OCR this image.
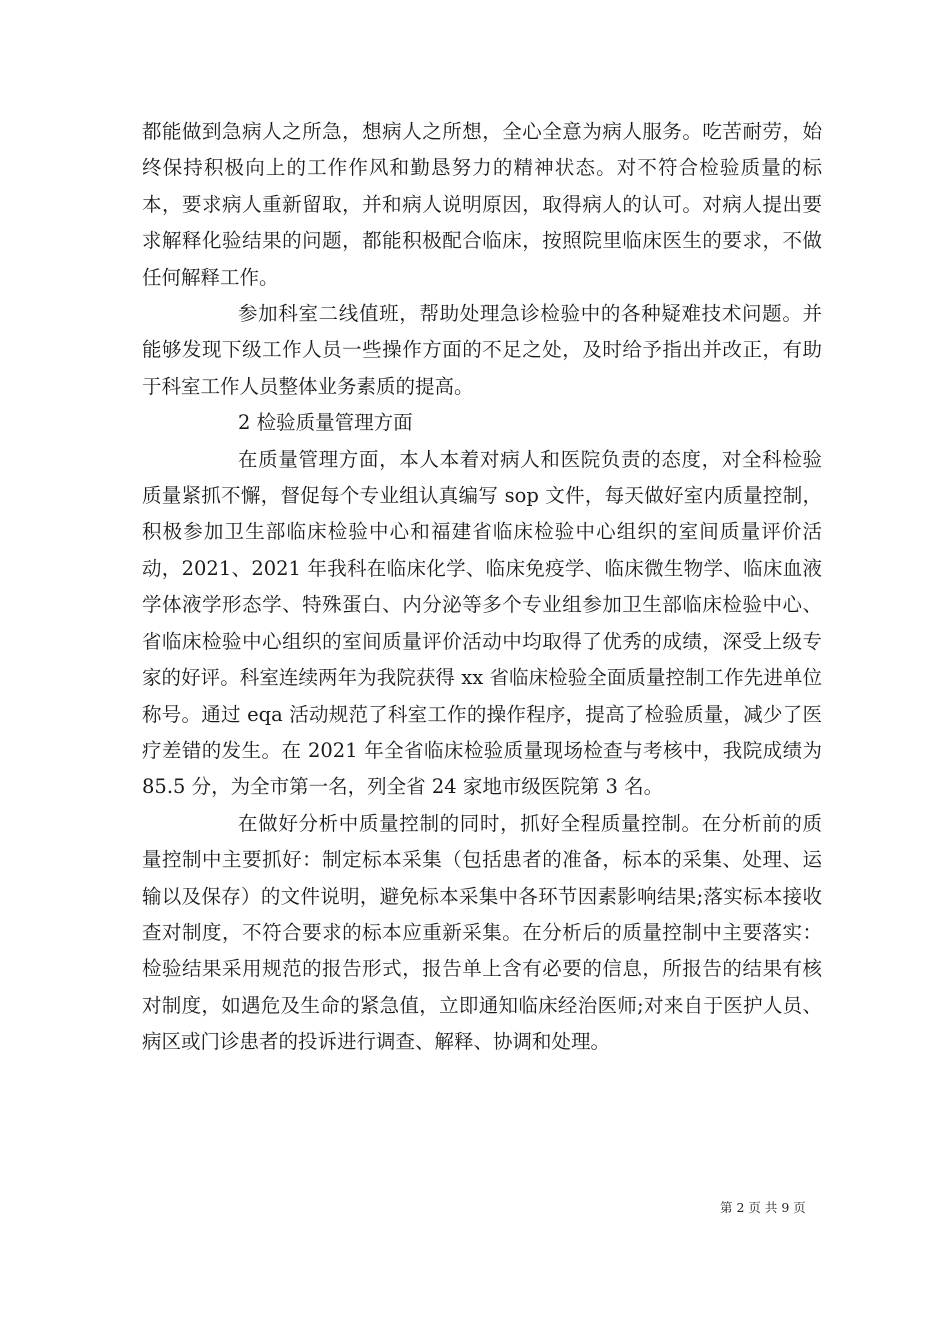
都能做到急病人之所急，想病人之所想，全心全意为病人服务。吃苦耐劳，始终保持积极向上的工作作风和勤恳努力的精神状态。对不符合检验质量的标本，要求病人重新留取，并和病人说明原因，取得病人的认可。对病人提出要求解释化验结果的问题，都能积极配合临床，按照院里临床医生的要求，不做任何解释工作。

参加科室二线值班，帮助处理急诊检验中的各种疑难技术问题。并能够发现下级工作人员一些操作方面的不足之处，及时给予指出并改正，有助于科室工作人员整体业务素质的提高。

2 检验质量管理方面

在质量管理方面，本人本着对病人和医院负责的态度，对全科检验质量紧抓不懈，督促每个专业组认真编写 sop 文件，每天做好室内质量控制，积极参加卫生部临床检验中心和福建省临床检验中心组织的室间质量评价活动，2021、2021 年我科在临床化学、临床免疫学、临床微生物学、临床血液学体液学形态学、特殊蛋白、内分泌等多个专业组参加卫生部临床检验中心、省临床检验中心组织的室间质量评价活动中均取得了优秀的成绩，深受上级专家的好评。科室连续两年为我院获得 xx 省临床检验全面质量控制工作先进单位称号。通过 eqa 活动规范了科室工作的操作程序，提高了检验质量，减少了医疗差错的发生。在 2021 年全省临床检验质量现场检查与考核中，我院成绩为 85.5 分，为全市第一名，列全省 24 家地市级医院第 3 名。

在做好分析中质量控制的同时，抓好全程质量控制。在分析前的质量控制中主要抓好：制定标本采集（包括患者的准备，标本的采集、处理、运输以及保存）的文件说明，避免标本采集中各环节因素影响结果;落实标本接收查对制度，不符合要求的标本应重新采集。在分析后的质量控制中主要落实：检验结果采用规范的报告形式，报告单上含有必要的信息，所报告的结果有核对制度，如遇危及生命的紧急值，立即通知临床经治医师;对来自于医护人员、病区或门诊患者的投诉进行调查、解释、协调和处理。

第 2 页 共 9 页
